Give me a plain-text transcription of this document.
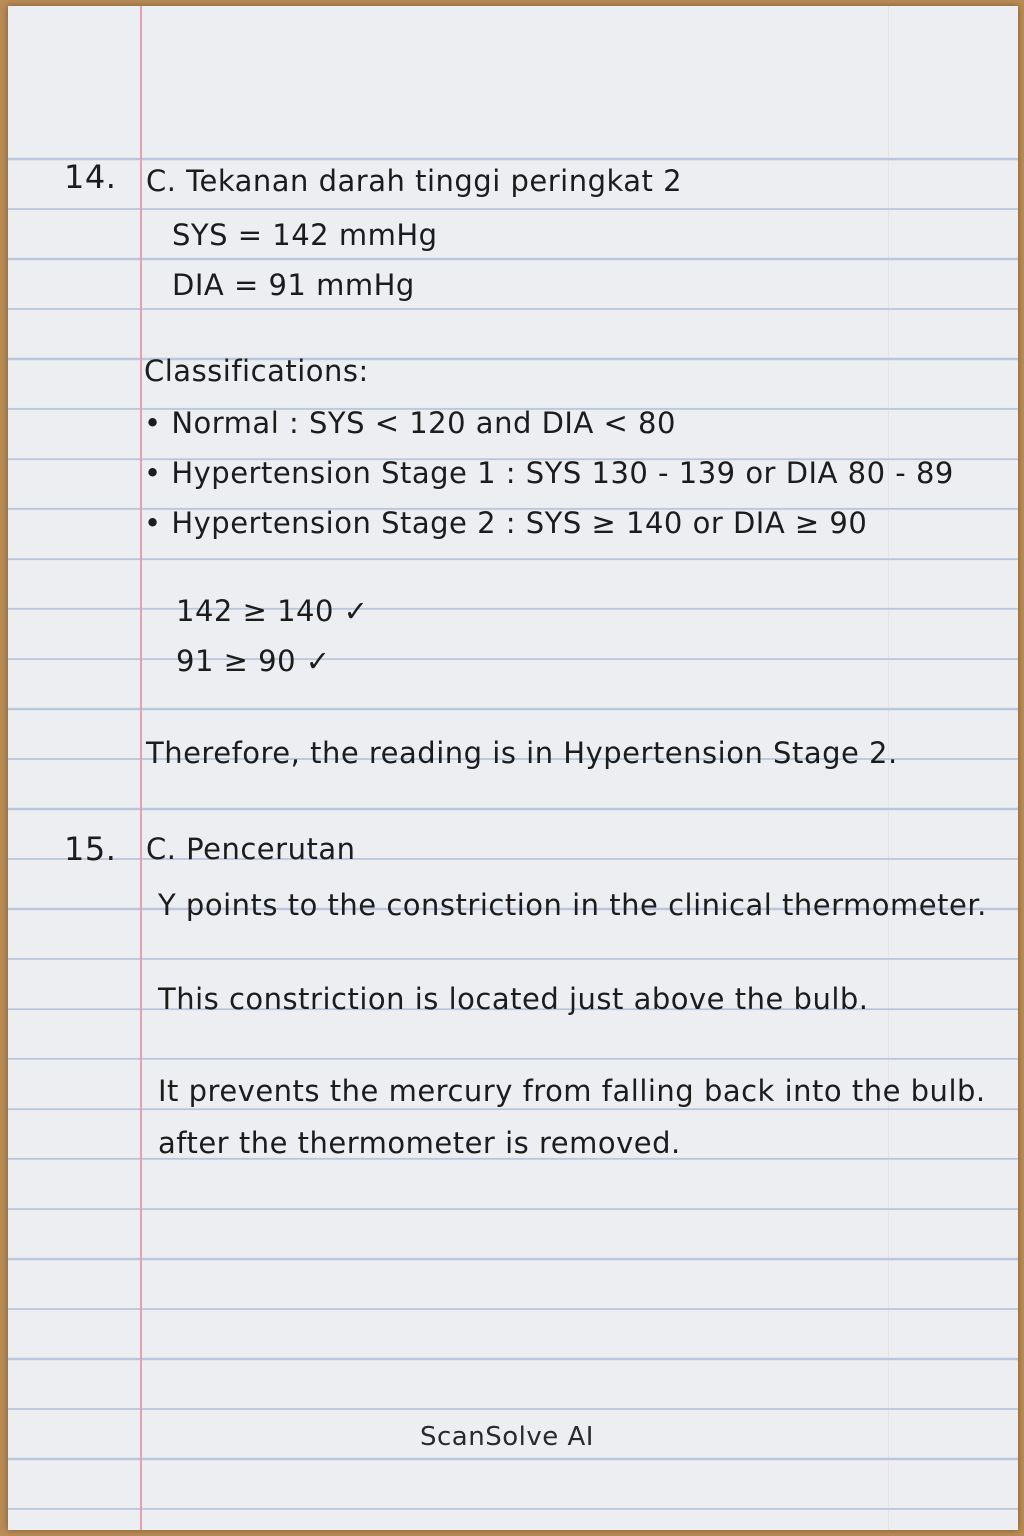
14. C. Tekanan darah tinggi peringkat 2
SYS = 142 mmHg
DIA = 91 mmHg
Classifications:
• Normal : SYS < 120 and DIA < 80
• Hypertension Stage 1 : SYS 130 - 139 or DIA 80 - 89
• Hypertension Stage 2 : SYS ≥ 140 or DIA ≥ 90
142 ≥ 140 ✓
91 ≥ 90 ✓
Therefore, the reading is in Hypertension Stage 2.
15. C. Pencerutan
Y points to the constriction in the clinical thermometer.
This constriction is located just above the bulb.
It prevents the mercury from falling back into the bulb.
after the thermometer is removed.
ScanSolve AI
